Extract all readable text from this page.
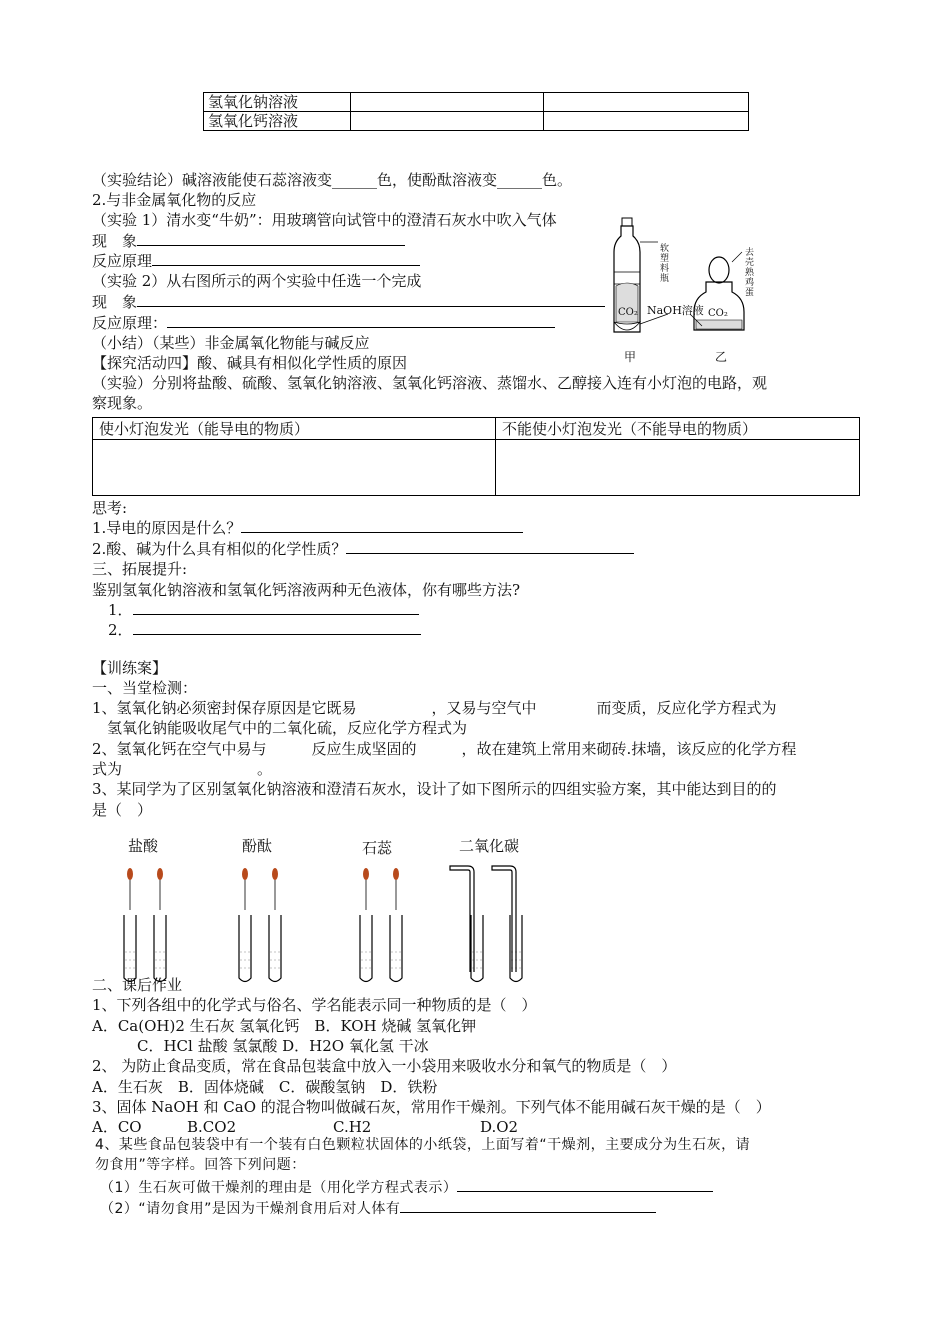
氢氧化钠溶液		
氢氧化钙溶液		
（实验结论）碱溶液能使石蕊溶液变______色，使酚酞溶液变______色。
2.与非金属氧化物的反应
（实验 1）清水变“牛奶”：用玻璃管向试管中的澄清石灰水中吹入气体
现　象
反应原理
（实验 2）从右图所示的两个实验中任选一个完成
现　象
反应原理：
（小结）（某些）非金属氧化物能与碱反应
【探究活动四】酸、碱具有相似化学性质的原因
（实验）分别将盐酸、硫酸、氢氧化钠溶液、氢氧化钙溶液、蒸馏水、乙醇接入连有小灯泡的电路，观
察现象。
软
塑
料
瓶
去
壳
熟
鸡
蛋
NaOH溶液
CO₂	CO₂
甲	乙
使小灯泡发光（能导电的物质）	不能使小灯泡发光（不能导电的物质）

思考:
1.导电的原因是什么？
2.酸、碱为什么具有相似的化学性质？
三、拓展提升:
鉴别氢氧化钠溶液和氢氧化钙溶液两种无色液体，你有哪些方法?
1．
2．
【训练案】
一、当堂检测：
1、氢氧化钠必须密封保存原因是它既易　　　　　，又易与空气中　　　　而变质，反应化学方程式为
　氢氧化钠能吸收尾气中的二氧化硫，反应化学方程式为
2、氢氧化钙在空气中易与　　　反应生成坚固的　　　，故在建筑上常用来砌砖.抹墙，该反应的化学方程
式为　　　　　　　　　。
3、某同学为了区别氢氧化钠溶液和澄清石灰水，设计了如下图所示的四组实验方案，其中能达到目的的
是（　）
盐酸	酚酞	石蕊	二氧化碳
二、课后作业
1、下列各组中的化学式与俗名、学名能表示同一种物质的是（　）
A．Ca(OH)2 生石灰 氢氧化钙　B．KOH 烧碱 氢氧化钾
C．HCl 盐酸 氢氯酸 D．H2O 氧化氢 干冰
2、 为防止食品变质，常在食品包装盒中放入一小袋用来吸收水分和氧气的物质是（　）
A．生石灰　B．固体烧碱　C．碳酸氢钠　D．铁粉
3、固体 NaOH 和 CaO 的混合物叫做碱石灰，常用作干燥剂。下列气体不能用碱石灰干燥的是（　）
A．CO	B.CO2	C.H2	D.O2
4、某些食品包装袋中有一个装有白色颗粒状固体的小纸袋，上面写着“干燥剂，主要成分为生石灰，请
勿食用”等字样。回答下列问题：
（1）生石灰可做干燥剂的理由是（用化学方程式表示）
（2）“请勿食用”是因为干燥剂食用后对人体有
